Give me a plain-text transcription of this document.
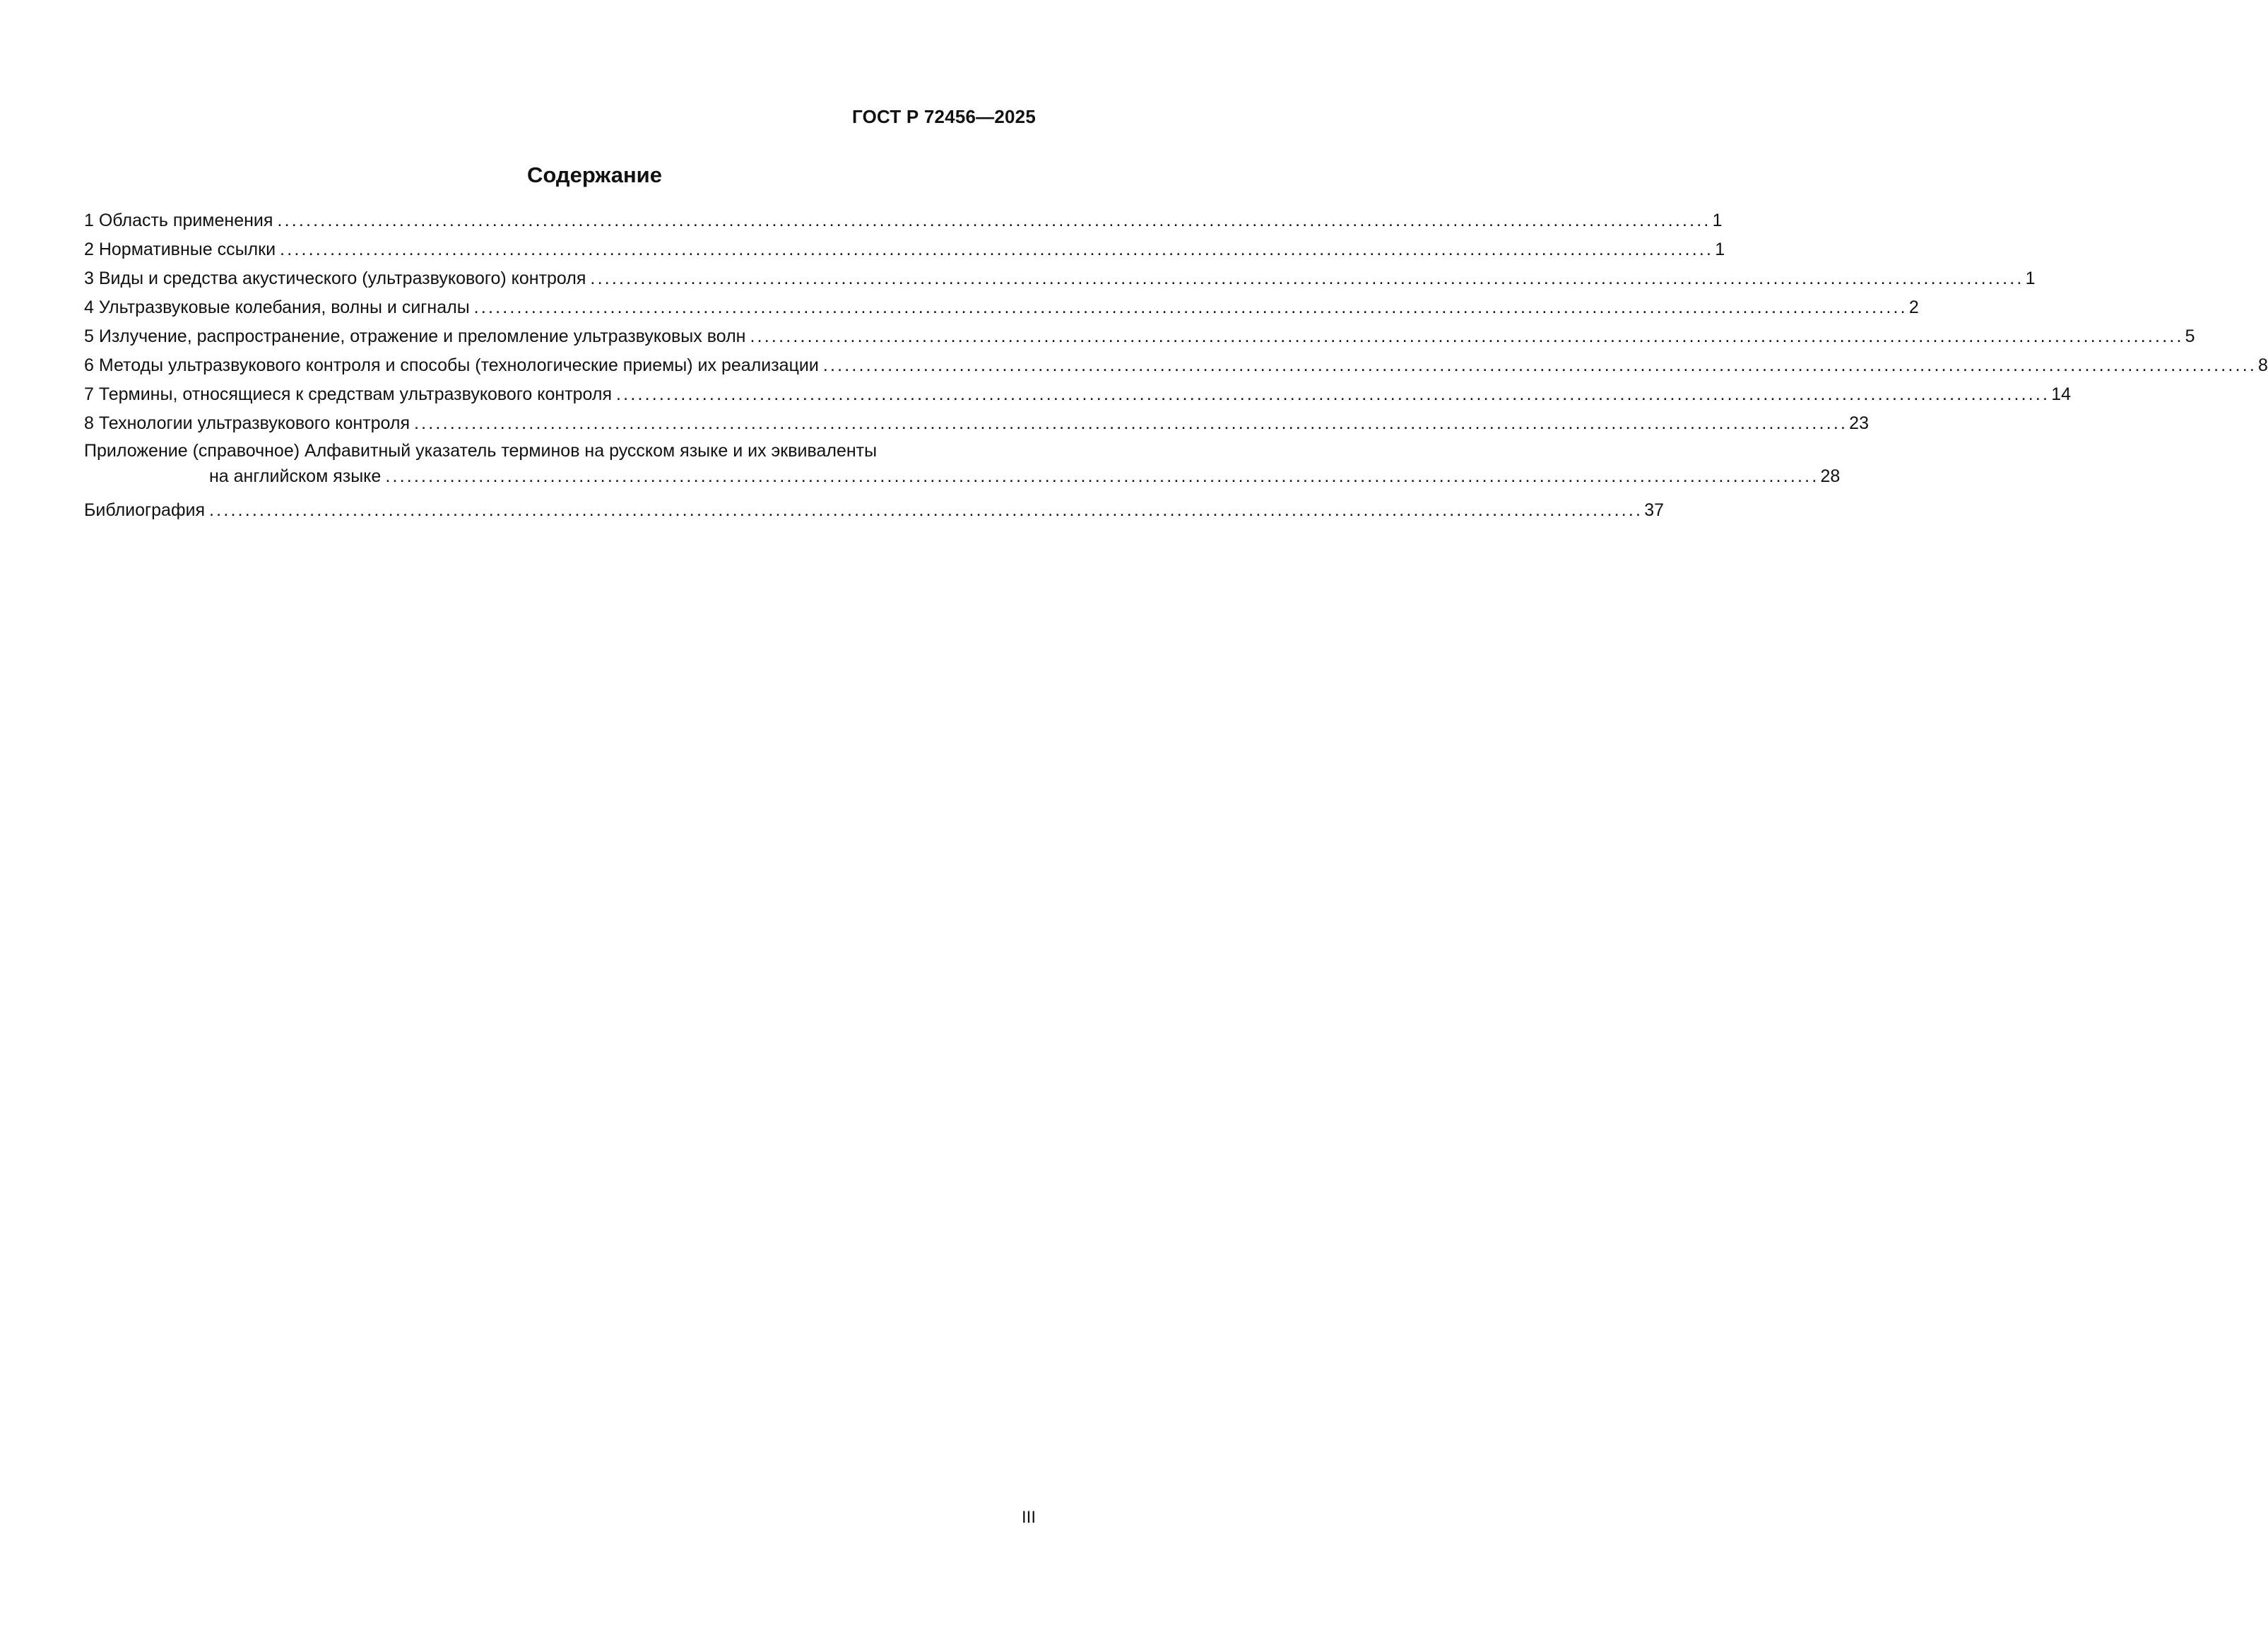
ГОСТ Р 72456—2025
Содержание
1 Область применения ........................................................................................................................................................................................................ 1
2 Нормативные ссылки ........................................................................................................................................................................................................ 1
3 Виды и средства акустического (ультразвукового) контроля ........................................................................................................................................................................................................ 1
4 Ультразвуковые колебания, волны и сигналы ........................................................................................................................................................................................................ 2
5 Излучение, распространение, отражение и преломление ультразвуковых волн ........................................................................................................................................................................................................ 5
6 Методы ультразвукового контроля и способы (технологические приемы) их реализации ........................................................................................................................................................................................................ 8
7 Термины, относящиеся к средствам ультразвукового контроля ........................................................................................................................................................................................................ 14
8 Технологии ультразвукового контроля ........................................................................................................................................................................................................ 23
Приложение (справочное) Алфавитный указатель терминов на русском языке и их эквиваленты
на английском языке ........................................................................................................................................................................................................ 28
Библиография ........................................................................................................................................................................................................ 37
III
